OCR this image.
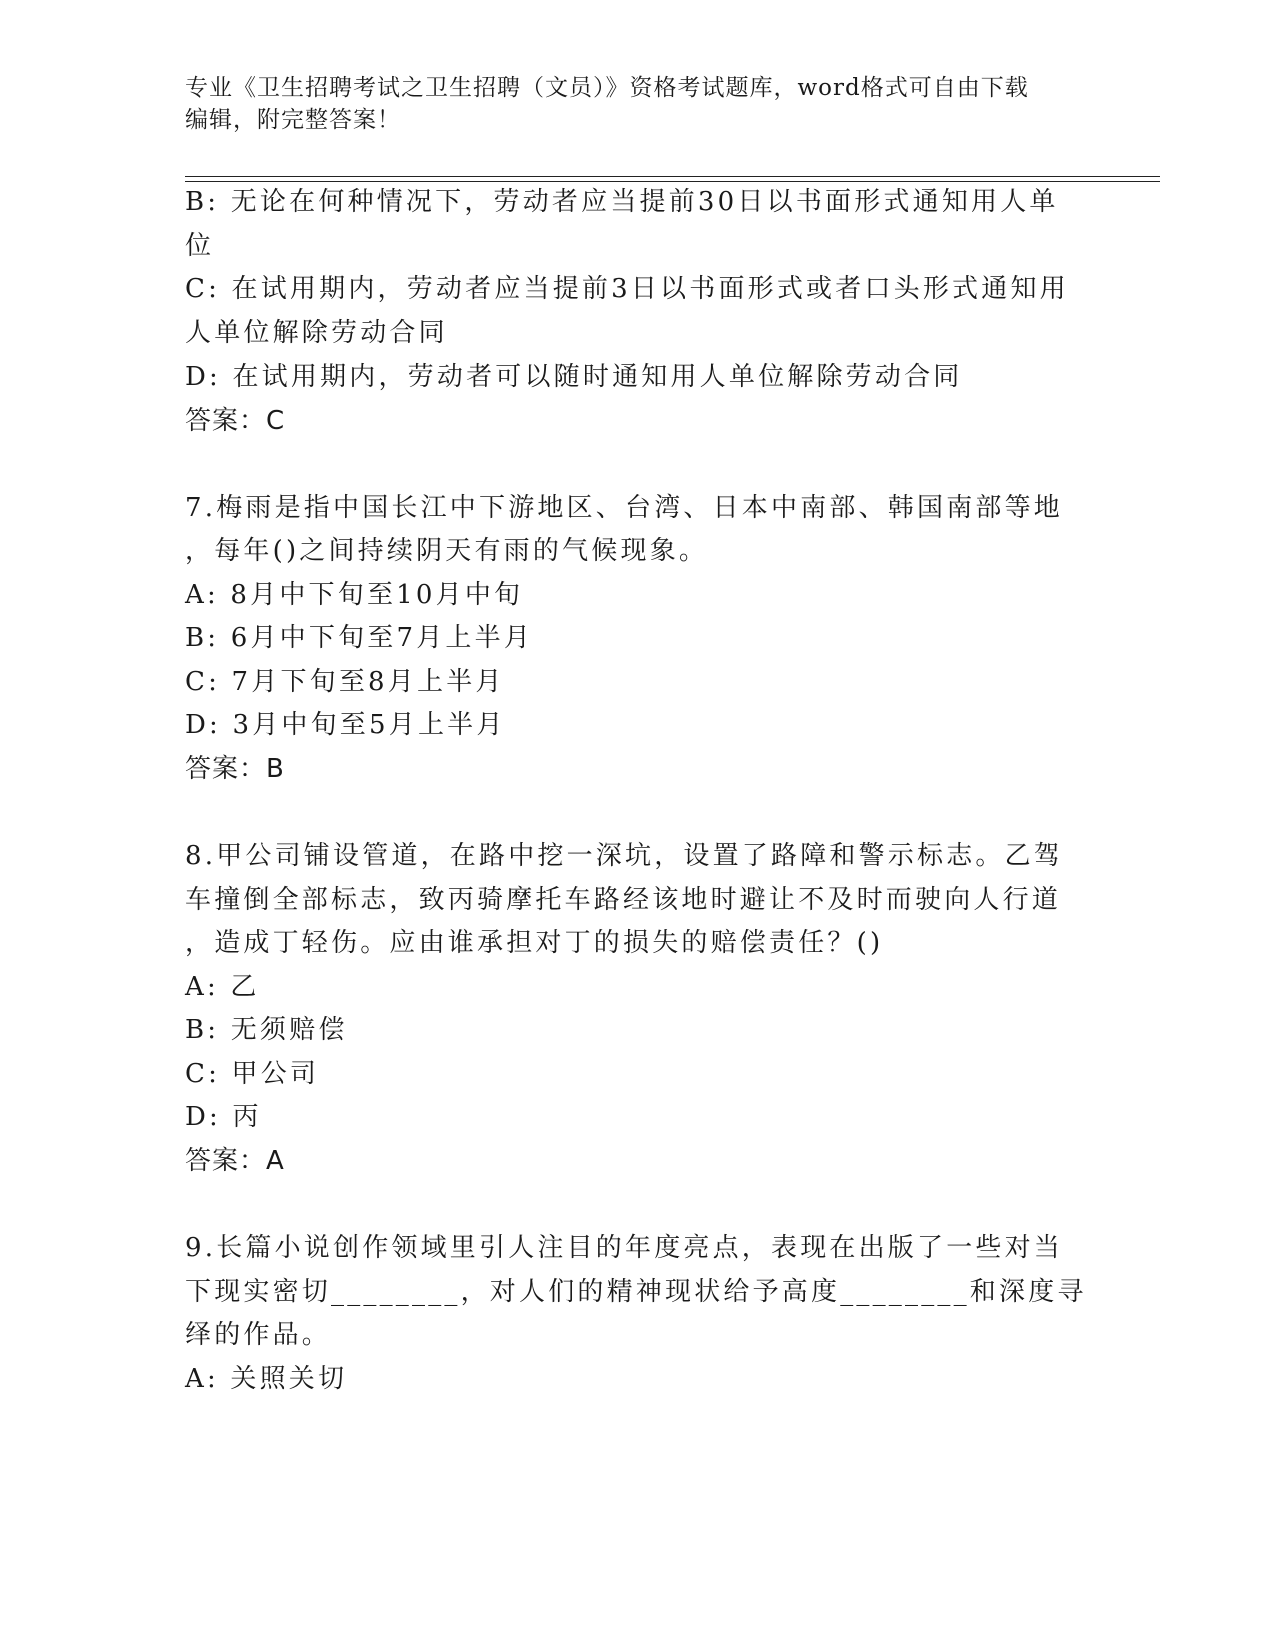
专业《卫生招聘考试之卫生招聘（文员）》资格考试题库，word格式可自由下载
编辑，附完整答案！
B: 无论在何种情况下，劳动者应当提前30日以书面形式通知用人单
位
C: 在试用期内，劳动者应当提前3日以书面形式或者口头形式通知用
人单位解除劳动合同
D: 在试用期内，劳动者可以随时通知用人单位解除劳动合同
答案：C
7.梅雨是指中国长江中下游地区、台湾、日本中南部、韩国南部等地
，每年()之间持续阴天有雨的气候现象。
A: 8月中下旬至10月中旬
B: 6月中下旬至7月上半月
C: 7月下旬至8月上半月
D: 3月中旬至5月上半月
答案：B
8.甲公司铺设管道，在路中挖一深坑，设置了路障和警示标志。乙驾
车撞倒全部标志，致丙骑摩托车路经该地时避让不及时而驶向人行道
，造成丁轻伤。应由谁承担对丁的损失的赔偿责任？()
A: 乙
B: 无须赔偿
C: 甲公司
D: 丙
答案：A
9.长篇小说创作领域里引人注目的年度亮点，表现在出版了一些对当
下现实密切________，对人们的精神现状给予高度________和深度寻
绎的作品。
A: 关照关切
